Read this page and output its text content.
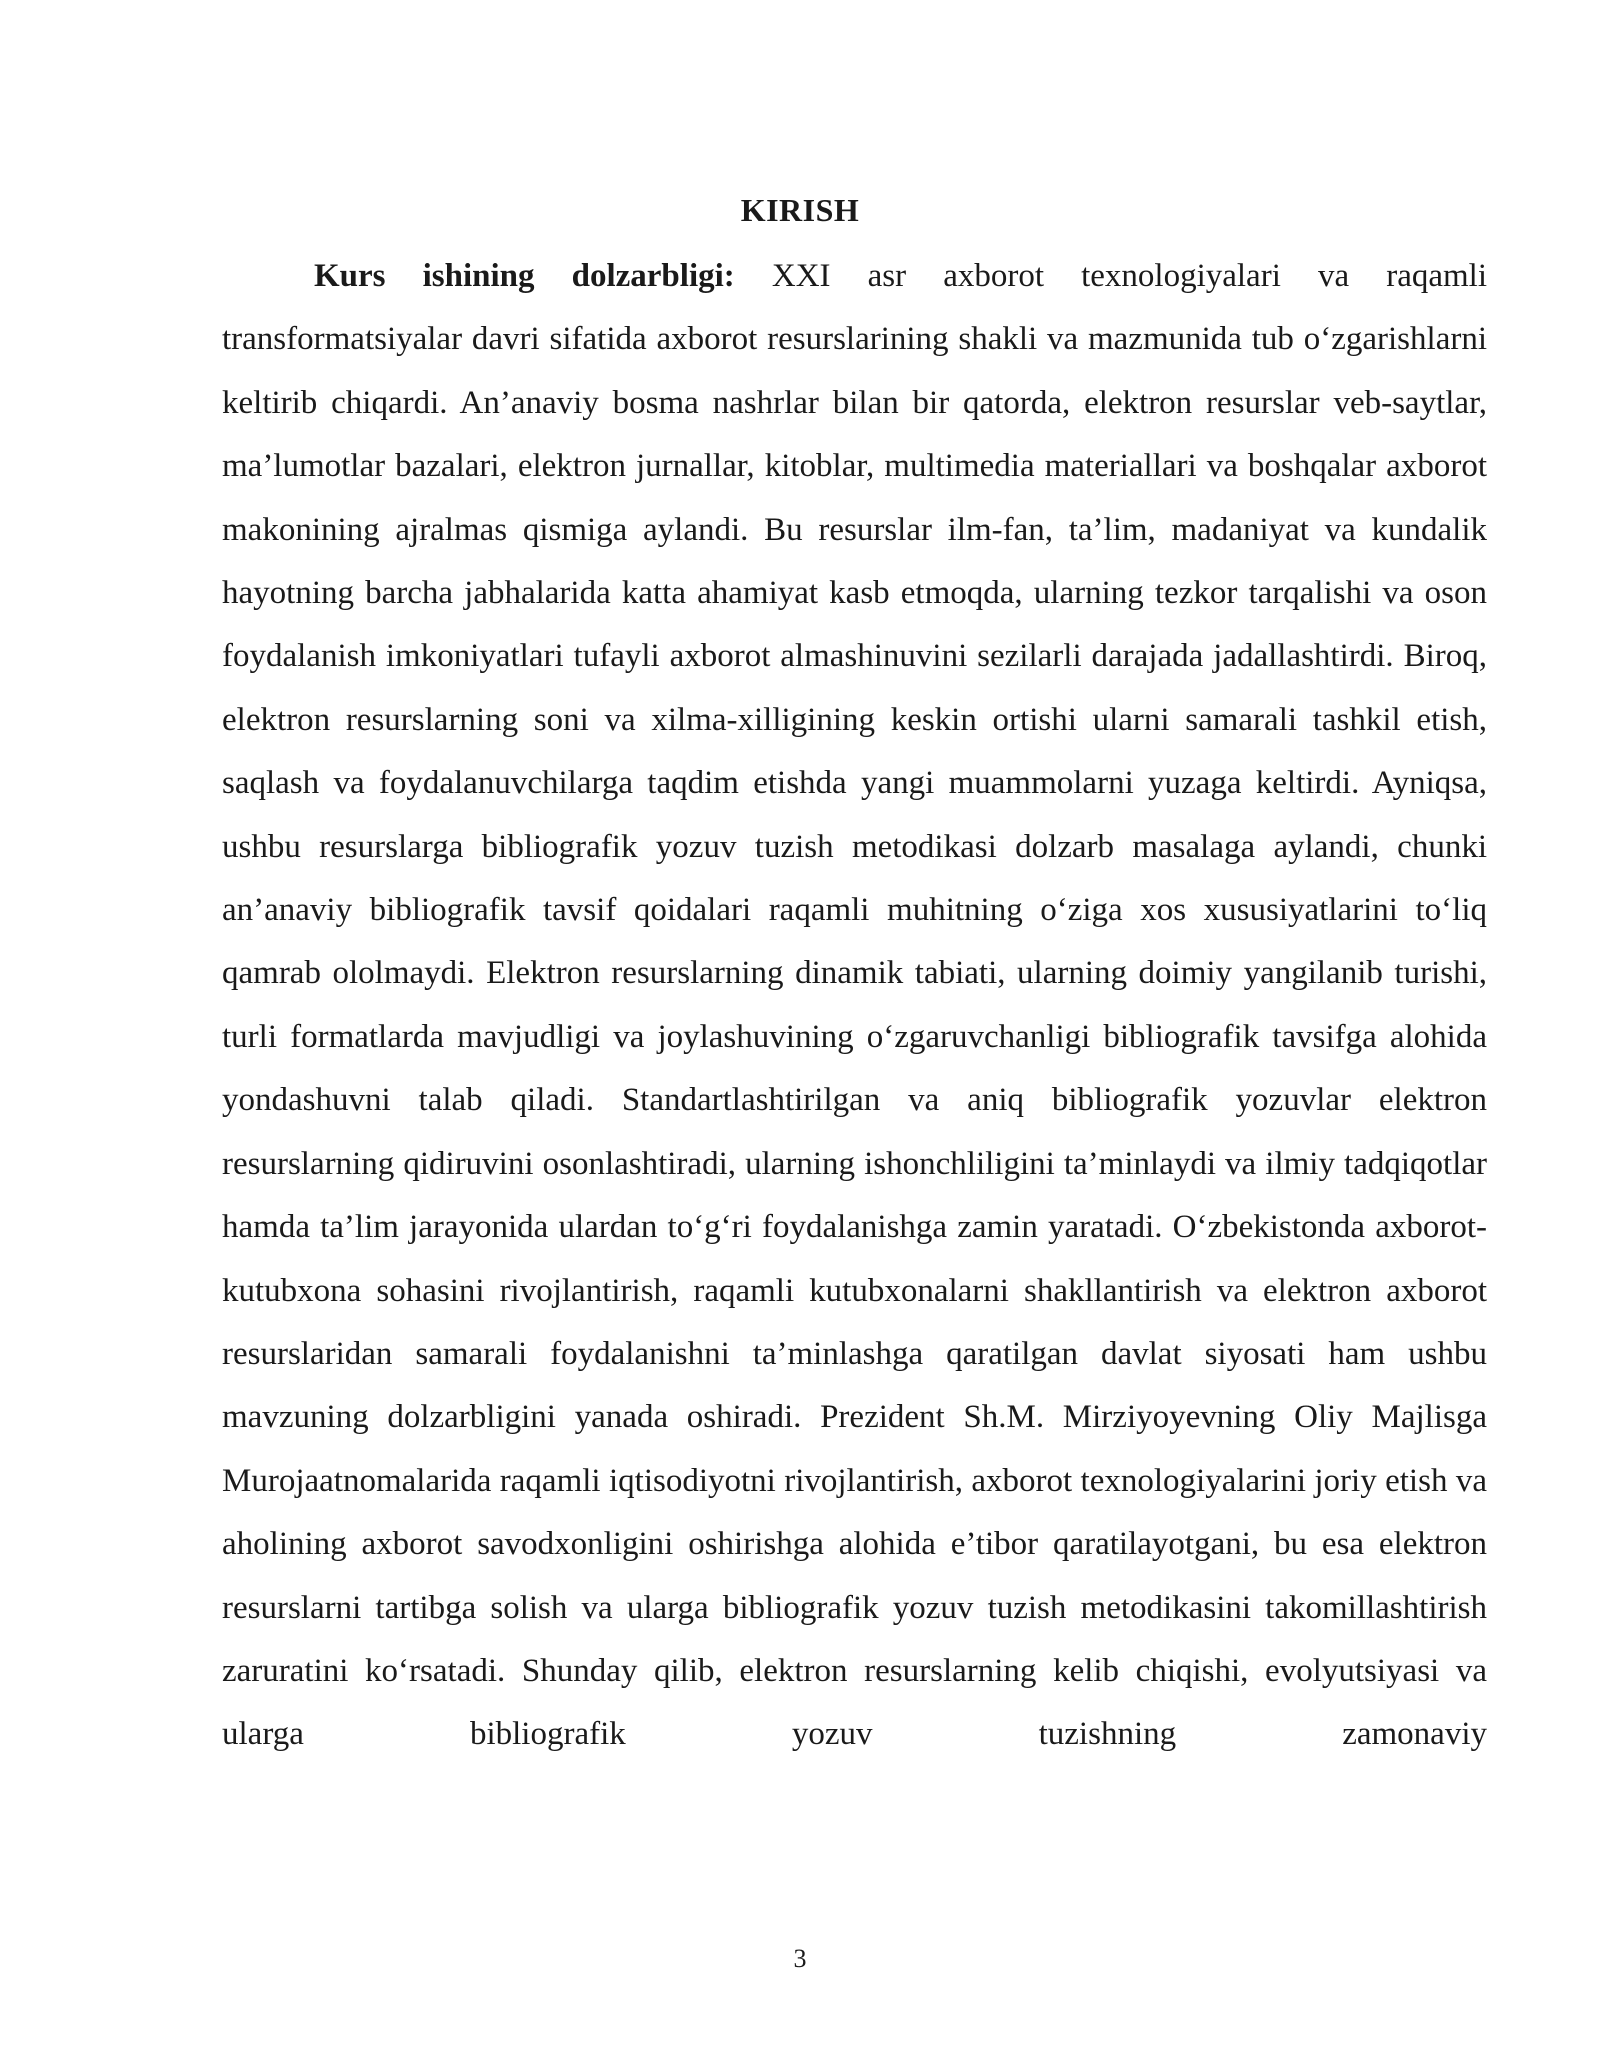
KIRISH

Kurs ishining dolzarbligi: XXI asr axborot texnologiyalari va raqamli transformatsiyalar davri sifatida axborot resurslarining shakli va mazmunida tub o‘zgarishlarni keltirib chiqardi. An’anaviy bosma nashrlar bilan bir qatorda, elektron resurslar veb-saytlar, ma’lumotlar bazalari, elektron jurnallar, kitoblar, multimedia materiallari va boshqalar axborot makonining ajralmas qismiga aylandi. Bu resurslar ilm-fan, ta’lim, madaniyat va kundalik hayotning barcha jabhalarida katta ahamiyat kasb etmoqda, ularning tezkor tarqalishi va oson foydalanish imkoniyatlari tufayli axborot almashinuvini sezilarli darajada jadallashtirdi. Biroq, elektron resurslarning soni va xilma-xilligining keskin ortishi ularni samarali tashkil etish, saqlash va foydalanuvchilarga taqdim etishda yangi muammolarni yuzaga keltirdi. Ayniqsa, ushbu resurslarga bibliografik yozuv tuzish metodikasi dolzarb masalaga aylandi, chunki an’anaviy bibliografik tavsif qoidalari raqamli muhitning o‘ziga xos xususiyatlarini to‘liq qamrab ololmaydi. Elektron resurslarning dinamik tabiati, ularning doimiy yangilanib turishi, turli formatlarda mavjudligi va joylashuvining o‘zgaruvchanligi bibliografik tavsifga alohida yondashuvni talab qiladi. Standartlashtirilgan va aniq bibliografik yozuvlar elektron resurslarning qidiruvini osonlashtiradi, ularning ishonchliligini ta’minlaydi va ilmiy tadqiqotlar hamda ta’lim jarayonida ulardan to‘g‘ri foydalanishga zamin yaratadi. O‘zbekistonda axborot-kutubxona sohasini rivojlantirish, raqamli kutubxonalarni shakllantirish va elektron axborot resurslaridan samarali foydalanishni ta’minlashga qaratilgan davlat siyosati ham ushbu mavzuning dolzarbligini yanada oshiradi. Prezident Sh.M. Mirziyoyevning Oliy Majlisga Murojaatnomalarida raqamli iqtisodiyotni rivojlantirish, axborot texnologiyalarini joriy etish va aholining axborot savodxonligini oshirishga alohida e’tibor qaratilayotgani, bu esa elektron resurslarni tartibga solish va ularga bibliografik yozuv tuzish metodikasini takomillashtirish zaruratini ko‘rsatadi. Shunday qilib, elektron resurslarning kelib chiqishi, evolyutsiyasi va ularga bibliografik yozuv tuzishning zamonaviy

3
